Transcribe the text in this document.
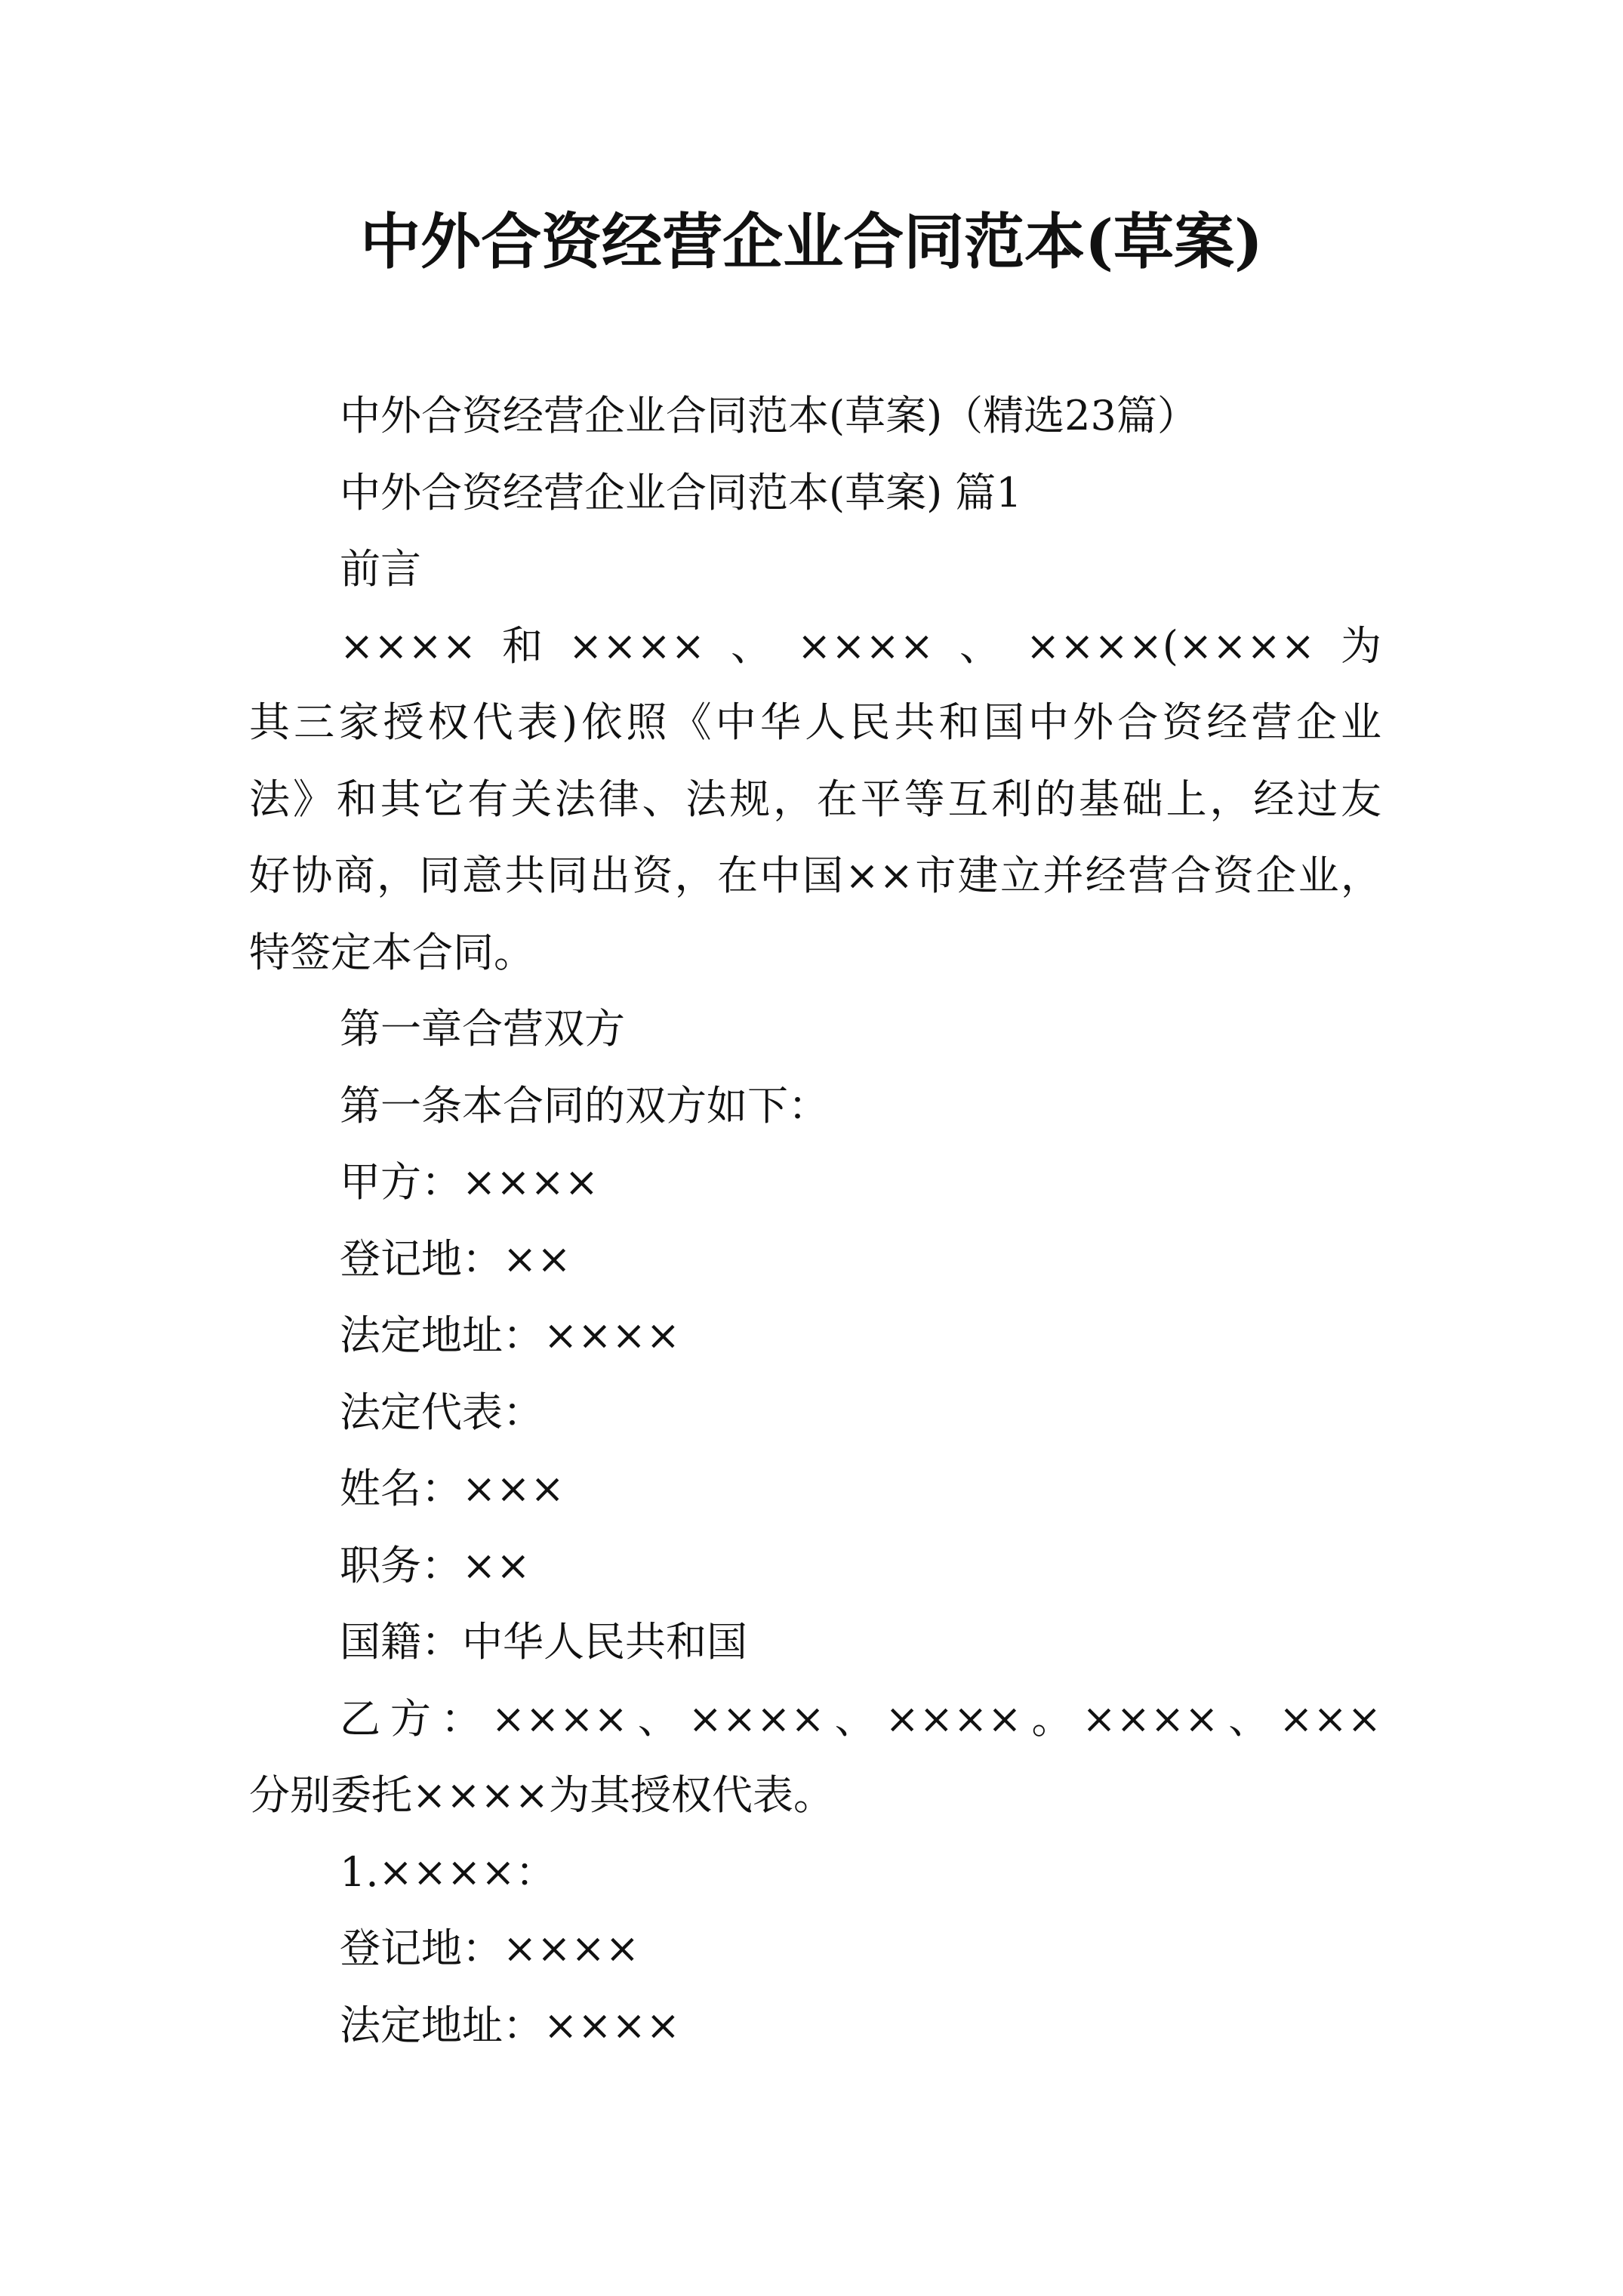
中外合资经营企业合同范本(草案)

中外合资经营企业合同范本(草案)（精选23篇）

中外合资经营企业合同范本(草案) 篇1

前言

××××和××××、××××、××××(××××为
其三家授权代表)依照《中华人民共和国中外合资经营企业
法》和其它有关法律、法规，在平等互利的基础上，经过友
好协商，同意共同出资，在中国××市建立并经营合资企业，
特签定本合同。

第一章合营双方

第一条本合同的双方如下：

甲方：××××

登记地：××

法定地址：××××

法定代表：

姓名：×××

职务：××

国籍：中华人民共和国

乙方：××××、××××、××××。××××、×××
分别委托××××为其授权代表。

1.××××：

登记地：××××

法定地址：××××
